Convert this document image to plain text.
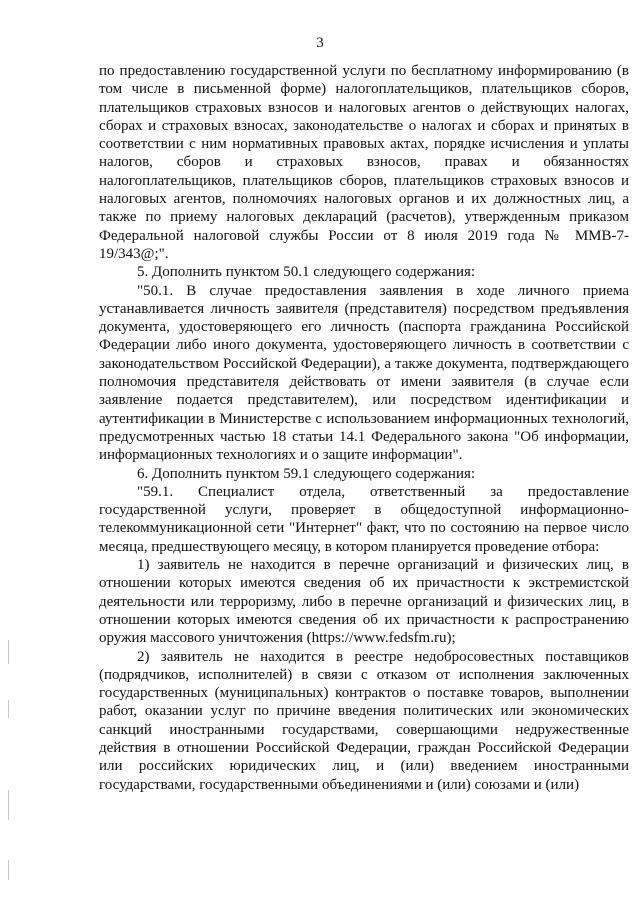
3

по предоставлению государственной услуги по бесплатному информированию (в том числе в письменной форме) налогоплательщиков, плательщиков сборов, плательщиков страховых взносов и налоговых агентов о действующих налогах, сборах и страховых взносах, законодательстве о налогах и сборах и принятых в соответствии с ним нормативных правовых актах, порядке исчисления и уплаты налогов, сборов и страховых взносов, правах и обязанностях налогоплательщиков, плательщиков сборов, плательщиков страховых взносов и налоговых агентов, полномочиях налоговых органов и их должностных лиц, а также по приему налоговых деклараций (расчетов), утвержденным приказом Федеральной налоговой службы России от 8 июля 2019 года № ММВ-7-19/343@;".

5. Дополнить пунктом 50.1 следующего содержания:

"50.1. В случае предоставления заявления в ходе личного приема устанавливается личность заявителя (представителя) посредством предъявления документа, удостоверяющего его личность (паспорта гражданина Российской Федерации либо иного документа, удостоверяющего личность в соответствии с законодательством Российской Федерации), а также документа, подтверждающего полномочия представителя действовать от имени заявителя (в случае если заявление подается представителем), или посредством идентификации и аутентификации в Министерстве с использованием информационных технологий, предусмотренных частью 18 статьи 14.1 Федерального закона "Об информации, информационных технологиях и о защите информации".

6. Дополнить пунктом 59.1 следующего содержания:

"59.1. Специалист отдела, ответственный за предоставление государственной услуги, проверяет в общедоступной информационно-телекоммуникационной сети "Интернет" факт, что по состоянию на первое число месяца, предшествующего месяцу, в котором планируется проведение отбора:

1) заявитель не находится в перечне организаций и физических лиц, в отношении которых имеются сведения об их причастности к экстремистской деятельности или терроризму, либо в перечне организаций и физических лиц, в отношении которых имеются сведения об их причастности к распространению оружия массового уничтожения (https://www.fedsfm.ru);

2) заявитель не находится в реестре недобросовестных поставщиков (подрядчиков, исполнителей) в связи с отказом от исполнения заключенных государственных (муниципальных) контрактов о поставке товаров, выполнении работ, оказании услуг по причине введения политических или экономических санкций иностранными государствами, совершающими недружественные действия в отношении Российской Федерации, граждан Российской Федерации или российских юридических лиц, и (или) введением иностранными государствами, государственными объединениями и (или) союзами и (или)
